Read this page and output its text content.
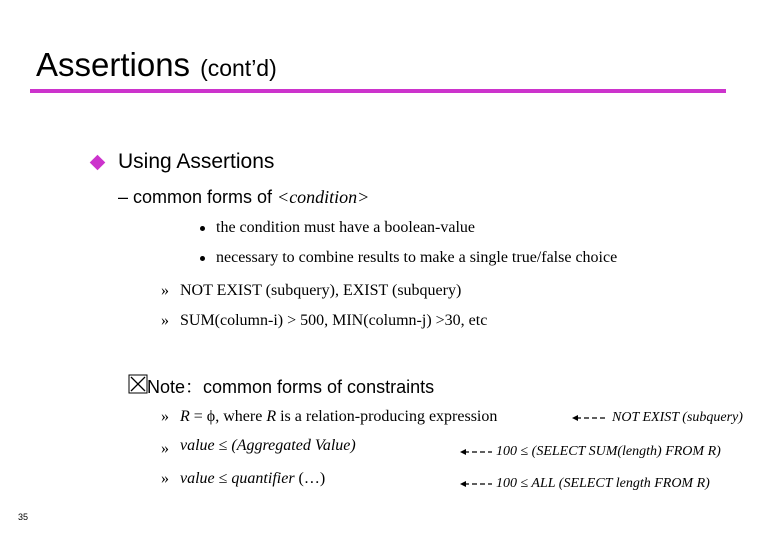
Assertions (cont’d)
Using Assertions
– common forms of <condition>
the condition must have a boolean-value
necessary to combine results to make a single true/false choice
» NOT EXIST (subquery), EXIST (subquery)
» SUM(column-i) > 500, MIN(column-j) >30, etc
Note：common forms of constraints
» R = ϕ, where R is a relation-producing expression	NOT EXIST (subquery)
» value ≤ (Aggregated Value)	100 ≤ (SELECT SUM(length) FROM R)
» value ≤ quantifier (…)	100 ≤ ALL (SELECT length FROM R)
35
